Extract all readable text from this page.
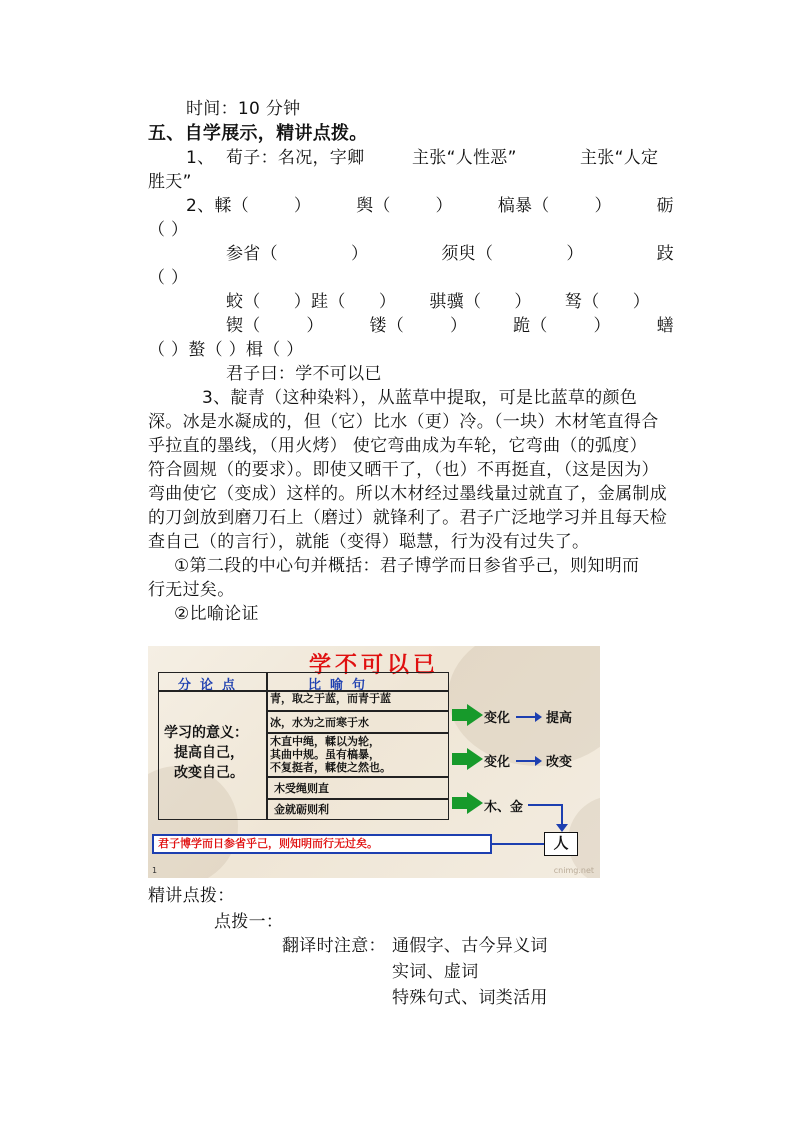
时间：10 分钟
五、自学展示，精讲点拨。
1、 荀子：名况，字卿	主张“人性恶”	主张“人定
胜天”
2、輮（	）	舆（	）	槁暴（	）	砺
（ ）
参省（	）	须臾（	）	跂
（ ）
蛟（ ）跬（ ） 骐骥（ ） 驽（ ）
锲（	）	镂（	）	跪（	）	蟮
（ ）螯（ ）楫（ ）
君子曰：学不可以已
3、靛青（这种染料），从蓝草中提取，可是比蓝草的颜色
深。冰是水凝成的，但（它）比水（更）冷。（一块）木材笔直得合
乎拉直的墨线，（用火烤） 使它弯曲成为车轮，它弯曲（的弧度）
符合圆规（的要求）。即使又晒干了，（也）不再挺直，（这是因为）
弯曲使它（变成）这样的。所以木材经过墨线量过就直了，金属制成
的刀剑放到磨刀石上（磨过）就锋利了。君子广泛地学习并且每天检
查自己（的言行），就能（变得）聪慧，行为没有过失了。
①第二段的中心句并概括：君子博学而日参省乎己，则知明而
行无过矣。
②比喻论证
学不可以已
分论点	比喻句
学习的意义：
提高自己，
改变自己。
青，取之于蓝，而青于蓝
冰，水为之而寒于水
木直中绳，輮以为轮，
其曲中规。虽有槁暴，
不复挺者，輮使之然也。
木受绳则直
金就砺则利
变化	提高
变化	改变
木、金
君子博学而日参省乎己，则知明而行无过矣。	人
1	cnimg.net
精讲点拨：
点拨一：
翻译时注意： 通假字、古今异义词
实词、虚词
特殊句式、词类活用
